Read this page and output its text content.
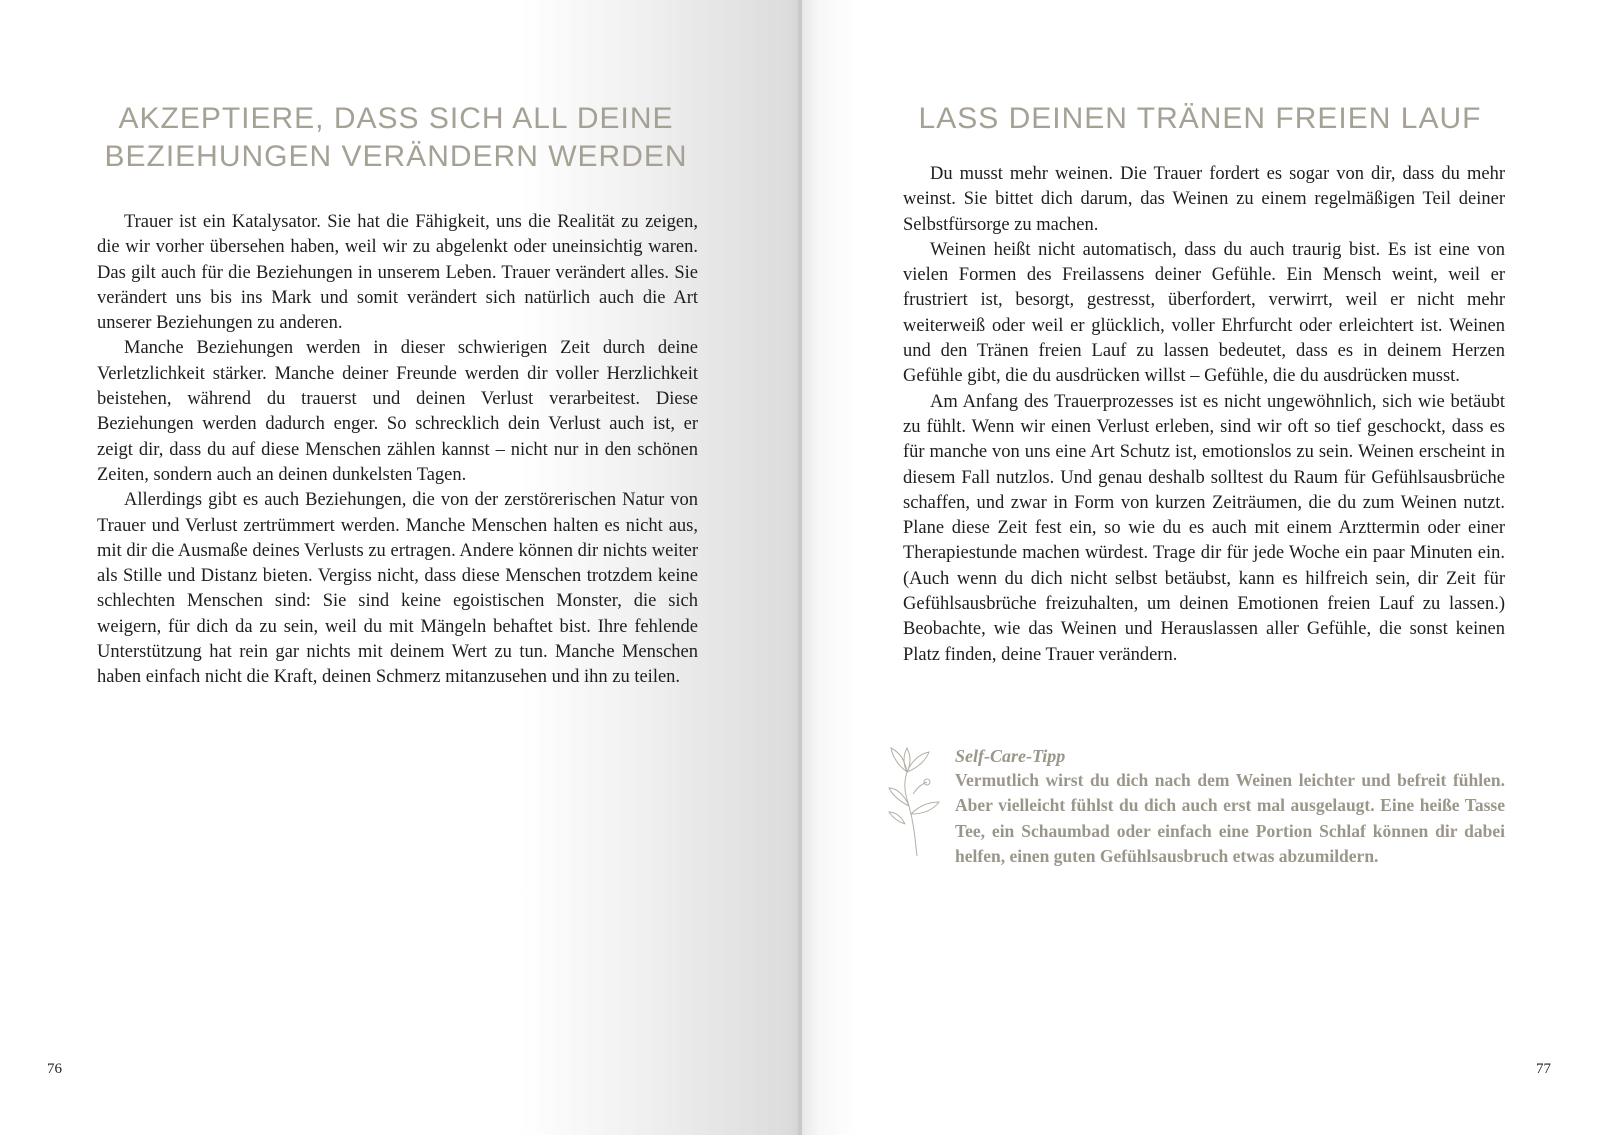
AKZEPTIERE, DASS SICH ALL DEINE BEZIEHUNGEN VERÄNDERN WERDEN

Trauer ist ein Katalysator. Sie hat die Fähigkeit, uns die Realität zu zeigen, die wir vorher übersehen haben, weil wir zu abgelenkt oder uneinsichtig waren. Das gilt auch für die Beziehungen in unserem Leben. Trauer verändert alles. Sie verändert uns bis ins Mark und somit verändert sich natürlich auch die Art unserer Beziehungen zu anderen.

Manche Beziehungen werden in dieser schwierigen Zeit durch deine Verletzlichkeit stärker. Manche deiner Freunde werden dir voller Herzlichkeit beistehen, während du trauerst und deinen Verlust verarbeitest. Diese Beziehungen werden dadurch enger. So schrecklich dein Verlust auch ist, er zeigt dir, dass du auf diese Menschen zählen kannst – nicht nur in den schönen Zeiten, sondern auch an deinen dunkelsten Tagen.

Allerdings gibt es auch Beziehungen, die von der zerstörerischen Natur von Trauer und Verlust zertrümmert werden. Manche Menschen halten es nicht aus, mit dir die Ausmaße deines Verlusts zu ertragen. Andere können dir nichts weiter als Stille und Distanz bieten. Vergiss nicht, dass diese Menschen trotzdem keine schlechten Menschen sind: Sie sind keine egoistischen Monster, die sich weigern, für dich da zu sein, weil du mit Mängeln behaftet bist. Ihre fehlende Unterstützung hat rein gar nichts mit deinem Wert zu tun. Manche Menschen haben einfach nicht die Kraft, deinen Schmerz mitanzusehen und ihn zu teilen.

76
LASS DEINEN TRÄNEN FREIEN LAUF

Du musst mehr weinen. Die Trauer fordert es sogar von dir, dass du mehr weinst. Sie bittet dich darum, das Weinen zu einem regelmäßigen Teil deiner Selbstfürsorge zu machen.

Weinen heißt nicht automatisch, dass du auch traurig bist. Es ist eine von vielen Formen des Freilassens deiner Gefühle. Ein Mensch weint, weil er frustriert ist, besorgt, gestresst, überfordert, verwirrt, weil er nicht mehr weiterweiß oder weil er glücklich, voller Ehrfurcht oder erleichtert ist. Weinen und den Tränen freien Lauf zu lassen bedeutet, dass es in deinem Herzen Gefühle gibt, die du ausdrücken willst – Gefühle, die du ausdrücken musst.

Am Anfang des Trauerprozesses ist es nicht ungewöhnlich, sich wie betäubt zu fühlt. Wenn wir einen Verlust erleben, sind wir oft so tief geschockt, dass es für manche von uns eine Art Schutz ist, emotionslos zu sein. Weinen erscheint in diesem Fall nutzlos. Und genau deshalb solltest du Raum für Gefühlsausbrüche schaffen, und zwar in Form von kurzen Zeiträumen, die du zum Weinen nutzt. Plane diese Zeit fest ein, so wie du es auch mit einem Arzttermin oder einer Therapiestunde machen würdest. Trage dir für jede Woche ein paar Minuten ein. (Auch wenn du dich nicht selbst betäubst, kann es hilfreich sein, dir Zeit für Gefühlsausbrüche freizuhalten, um deinen Emotionen freien Lauf zu lassen.) Beobachte, wie das Weinen und Herauslassen aller Gefühle, die sonst keinen Platz finden, deine Trauer verändern.

Self-Care-Tipp

Vermutlich wirst du dich nach dem Weinen leichter und befreit fühlen. Aber vielleicht fühlst du dich auch erst mal ausgelaugt. Eine heiße Tasse Tee, ein Schaumbad oder einfach eine Portion Schlaf können dir dabei helfen, einen guten Gefühlsausbruch etwas abzumildern.

77
